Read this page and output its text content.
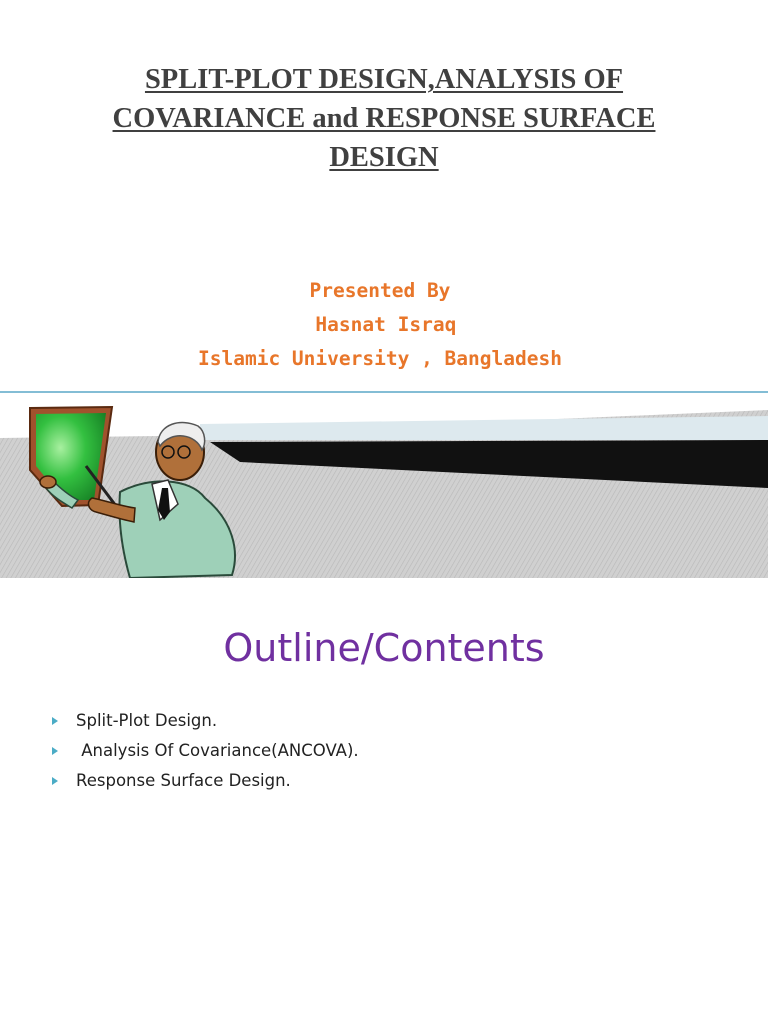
SPLIT-PLOT DESIGN,ANALYSIS OF
COVARIANCE and RESPONSE SURFACE
DESIGN
Presented By
Hasnat Israq
Islamic University , Bangladesh
Outline/Contents

Split-Plot Design.

Analysis Of Covariance(ANCOVA).

Response Surface Design.
